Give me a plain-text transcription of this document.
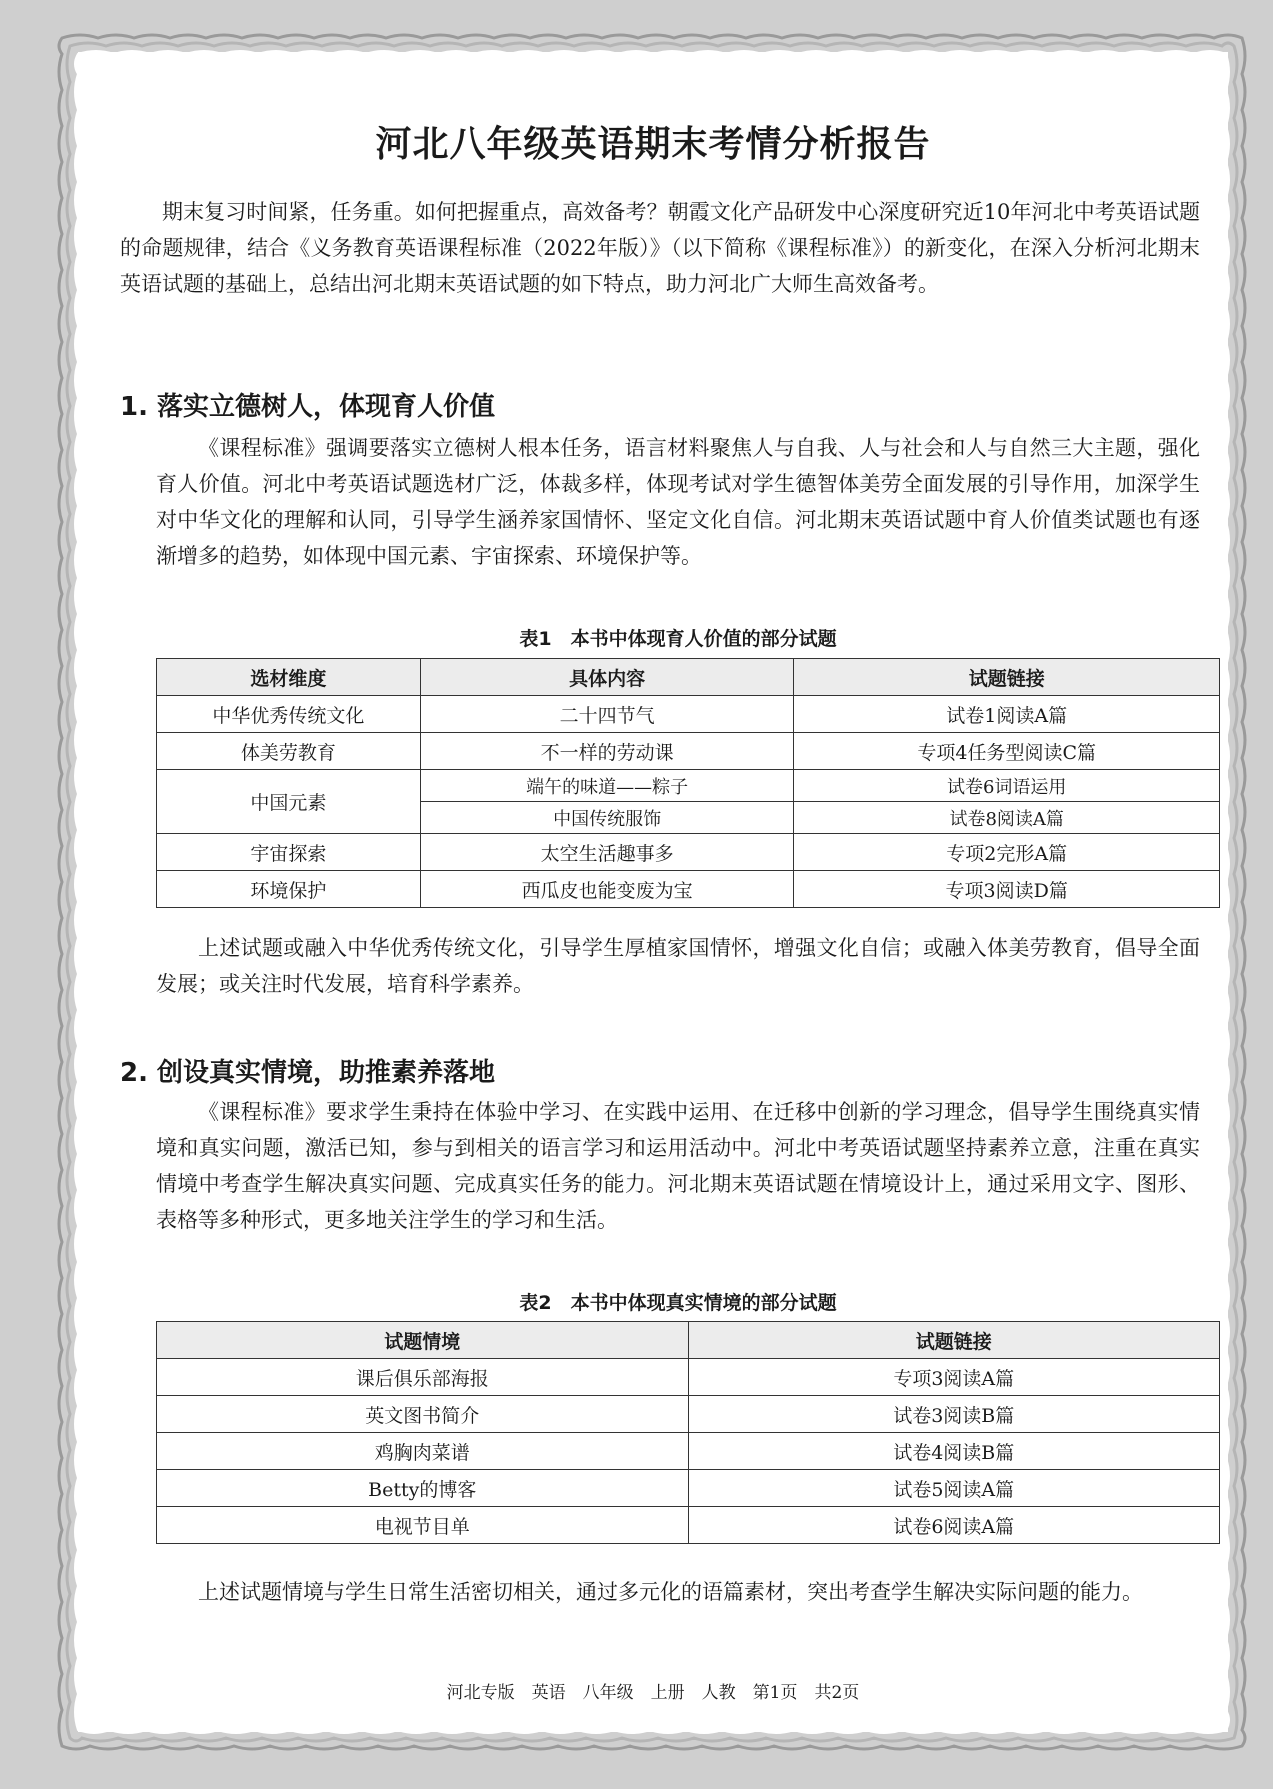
河北八年级英语期末考情分析报告
期末复习时间紧，任务重。如何把握重点，高效备考？朝霞文化产品研发中心深度研究近10年河北中考英语试题的命题规律，结合《义务教育英语课程标准（2022年版）》（以下简称《课程标准》）的新变化，在深入分析河北期末英语试题的基础上，总结出河北期末英语试题的如下特点，助力河北广大师生高效备考。
1. 落实立德树人，体现育人价值
《课程标准》强调要落实立德树人根本任务，语言材料聚焦人与自我、人与社会和人与自然三大主题，强化育人价值。河北中考英语试题选材广泛，体裁多样，体现考试对学生德智体美劳全面发展的引导作用，加深学生对中华文化的理解和认同，引导学生涵养家国情怀、坚定文化自信。河北期末英语试题中育人价值类试题也有逐渐增多的趋势，如体现中国元素、宇宙探索、环境保护等。
表1　本书中体现育人价值的部分试题
选材维度	具体内容	试题链接
中华优秀传统文化	二十四节气	试卷1阅读A篇
体美劳教育	不一样的劳动课	专项4任务型阅读C篇
中国元素	端午的味道——粽子	试卷6词语运用
	中国传统服饰	试卷8阅读A篇
宇宙探索	太空生活趣事多	专项2完形A篇
环境保护	西瓜皮也能变废为宝	专项3阅读D篇
上述试题或融入中华优秀传统文化，引导学生厚植家国情怀，增强文化自信；或融入体美劳教育，倡导全面发展；或关注时代发展，培育科学素养。
2. 创设真实情境，助推素养落地
《课程标准》要求学生秉持在体验中学习、在实践中运用、在迁移中创新的学习理念，倡导学生围绕真实情境和真实问题，激活已知，参与到相关的语言学习和运用活动中。河北中考英语试题坚持素养立意，注重在真实情境中考查学生解决真实问题、完成真实任务的能力。河北期末英语试题在情境设计上，通过采用文字、图形、表格等多种形式，更多地关注学生的学习和生活。
表2　本书中体现真实情境的部分试题
试题情境	试题链接
课后俱乐部海报	专项3阅读A篇
英文图书简介	试卷3阅读B篇
鸡胸肉菜谱	试卷4阅读B篇
Betty的博客	试卷5阅读A篇
电视节目单	试卷6阅读A篇
上述试题情境与学生日常生活密切相关，通过多元化的语篇素材，突出考查学生解决实际问题的能力。
河北专版　英语　八年级　上册　人教　第1页　共2页
